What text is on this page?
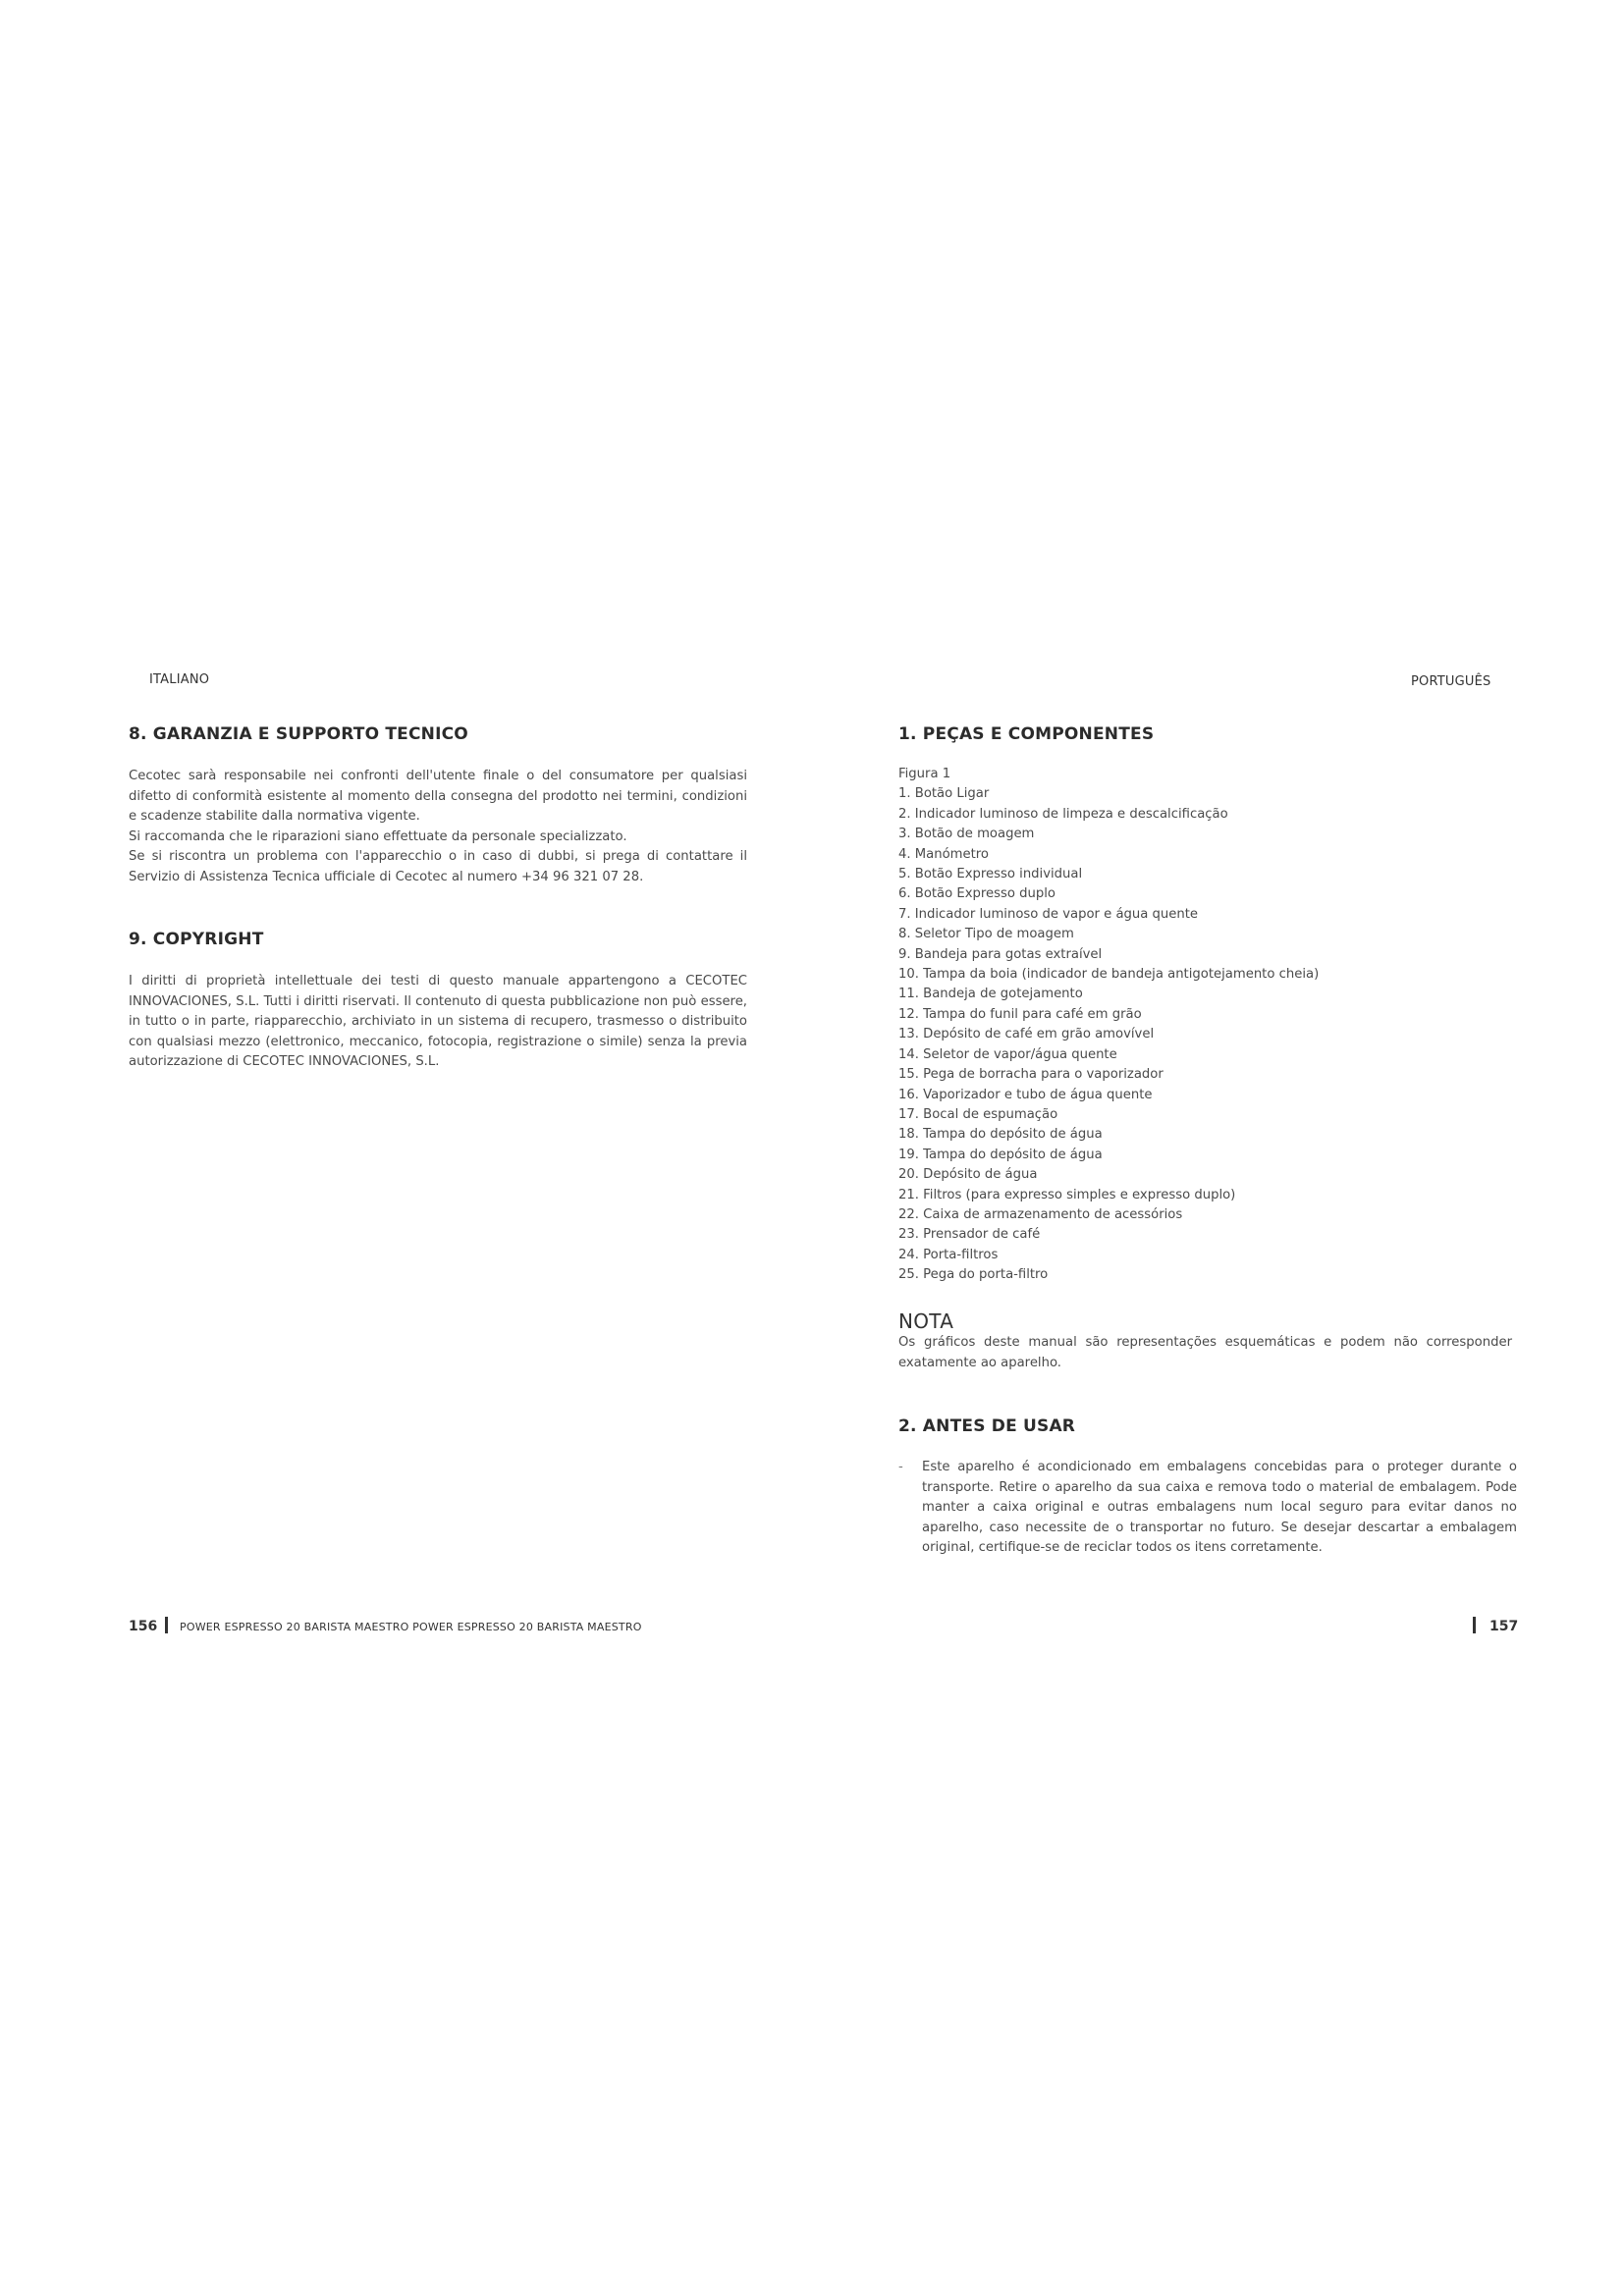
ITALIANO
8. GARANZIA E SUPPORTO TECNICO

Cecotec sarà responsabile nei confronti dell'utente finale o del consumatore per qualsiasi difetto di conformità esistente al momento della consegna del prodotto nei termini, condizioni e scadenze stabilite dalla normativa vigente.

Si raccomanda che le riparazioni siano effettuate da personale specializzato.

Se si riscontra un problema con l'apparecchio o in caso di dubbi, si prega di contattare il Servizio di Assistenza Tecnica ufficiale di Cecotec al numero +34 96 321 07 28.

9. COPYRIGHT

I diritti di proprietà intellettuale dei testi di questo manuale appartengono a CECOTEC INNOVACIONES, S.L. Tutti i diritti riservati. Il contenuto di questa pubblicazione non può essere, in tutto o in parte, riapparecchio, archiviato in un sistema di recupero, trasmesso o distribuito con qualsiasi mezzo (elettronico, meccanico, fotocopia, registrazione o simile) senza la previa autorizzazione di CECOTEC INNOVACIONES, S.L.

156 POWER ESPRESSO 20 BARISTA MAESTRO POWER ESPRESSO 20 BARISTA MAESTRO
PORTUGUÊS
1. PEÇAS E COMPONENTES
Figura 1
1. Botão Ligar
2. Indicador luminoso de limpeza e descalcificação
3. Botão de moagem
4. Manómetro
5. Botão Expresso individual
6. Botão Expresso duplo
7. Indicador luminoso de vapor e água quente
8. Seletor Tipo de moagem
9. Bandeja para gotas extraível
10. Tampa da boia (indicador de bandeja antigotejamento cheia)
11. Bandeja de gotejamento
12. Tampa do funil para café em grão
13. Depósito de café em grão amovível
14. Seletor de vapor/água quente
15. Pega de borracha para o vaporizador
16. Vaporizador e tubo de água quente
17. Bocal de espumação
18. Tampa do depósito de água
19. Tampa do depósito de água
20. Depósito de água
21. Filtros (para expresso simples e expresso duplo)
22. Caixa de armazenamento de acessórios
23. Prensador de café
24. Porta-filtros
25. Pega do porta-filtro
NOTA

Os gráficos deste manual são representações esquemáticas e podem não corresponder exatamente ao aparelho.

2. ANTES DE USAR
-	Este aparelho é acondicionado em embalagens concebidas para o proteger durante o transporte. Retire o aparelho da sua caixa e remova todo o material de embalagem. Pode manter a caixa original e outras embalagens num local seguro para evitar danos no aparelho, caso necessite de o transportar no futuro. Se desejar descartar a embalagem original, certifique-se de reciclar todos os itens corretamente.

157
